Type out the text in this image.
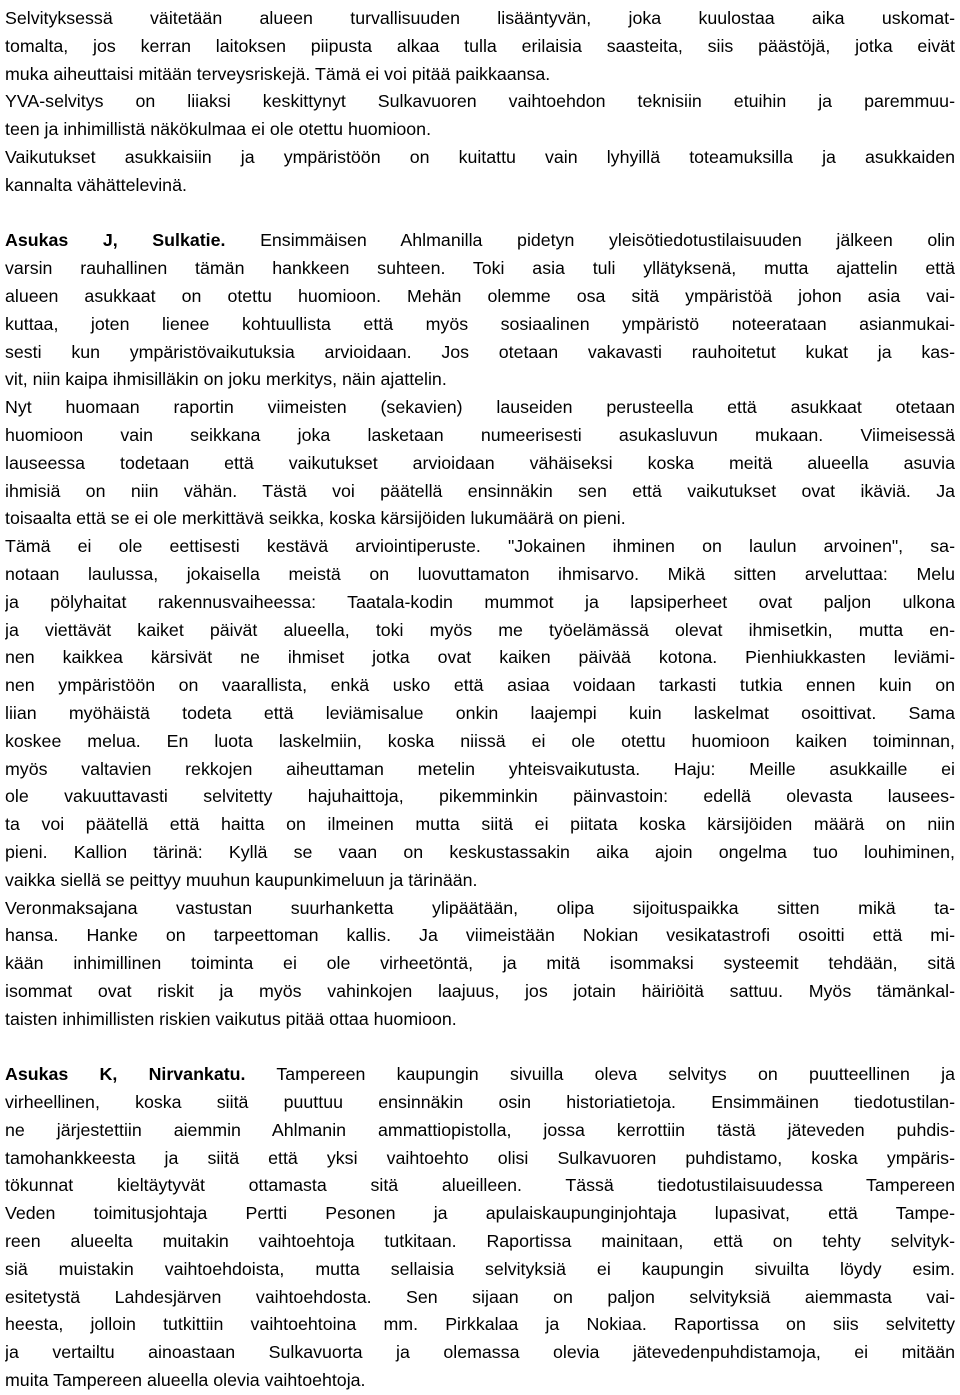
Selvityksessä väitetään alueen turvallisuuden lisääntyvän, joka kuulostaa aika uskomat-
tomalta, jos kerran laitoksen piipusta alkaa tulla erilaisia saasteita, siis päästöjä, jotka eivät
muka aiheuttaisi mitään terveysriskejä. Tämä ei voi pitää paikkaansa.
YVA-selvitys on liiaksi keskittynyt Sulkavuoren vaihtoehdon teknisiin etuihin ja paremmuu-
teen ja inhimillistä näkökulmaa ei ole otettu huomioon.
Vaikutukset asukkaisiin ja ympäristöön on kuitattu vain lyhyillä toteamuksilla ja asukkaiden
kannalta vähättelevinä.
Asukas J, Sulkatie. Ensimmäisen Ahlmanilla pidetyn yleisötiedotustilaisuuden jälkeen olin
varsin rauhallinen tämän hankkeen suhteen. Toki asia tuli yllätyksenä, mutta ajattelin että
alueen asukkaat on otettu huomioon. Mehän olemme osa sitä ympäristöä johon asia vai-
kuttaa, joten lienee kohtuullista että myös sosiaalinen ympäristö noteerataan asianmukai-
sesti kun ympäristövaikutuksia arvioidaan. Jos otetaan vakavasti rauhoitetut kukat ja kas-
vit, niin kaipa ihmisilläkin on joku merkitys, näin ajattelin.
Nyt huomaan raportin viimeisten (sekavien) lauseiden perusteella että asukkaat otetaan
huomioon vain seikkana joka lasketaan numeerisesti asukasluvun mukaan. Viimeisessä
lauseessa todetaan että vaikutukset arvioidaan vähäiseksi koska meitä alueella asuvia
ihmisiä on niin vähän. Tästä voi päätellä ensinnäkin sen että vaikutukset ovat ikäviä. Ja
toisaalta että se ei ole merkittävä seikka, koska kärsijöiden lukumäärä on pieni.
Tämä ei ole eettisesti kestävä arviointiperuste. "Jokainen ihminen on laulun arvoinen", sa-
notaan laulussa, jokaisella meistä on luovuttamaton ihmisarvo. Mikä sitten arveluttaa: Melu
ja pölyhaitat rakennusvaiheessa: Taatala-kodin mummot ja lapsiperheet ovat paljon ulkona
ja viettävät kaiket päivät alueella, toki myös me työelämässä olevat ihmisetkin, mutta en-
nen kaikkea kärsivät ne ihmiset jotka ovat kaiken päivää kotona. Pienhiukkasten leviämi-
nen ympäristöön on vaarallista, enkä usko että asiaa voidaan tarkasti tutkia ennen kuin on
liian myöhäistä todeta että leviämisalue onkin laajempi kuin laskelmat osoittivat. Sama
koskee melua. En luota laskelmiin, koska niissä ei ole otettu huomioon kaiken toiminnan,
myös valtavien rekkojen aiheuttaman metelin yhteisvaikutusta. Haju: Meille asukkaille ei
ole vakuuttavasti selvitetty hajuhaittoja, pikemminkin päinvastoin: edellä olevasta lausees-
ta voi päätellä että haitta on ilmeinen mutta siitä ei piitata koska kärsijöiden määrä on niin
pieni. Kallion tärinä: Kyllä se vaan on keskustassakin aika ajoin ongelma tuo louhiminen,
vaikka siellä se peittyy muuhun kaupunkimeluun ja tärinään.
Veronmaksajana vastustan suurhanketta ylipäätään, olipa sijoituspaikka sitten mikä ta-
hansa. Hanke on tarpeettoman kallis. Ja viimeistään Nokian vesikatastrofi osoitti että mi-
kään inhimillinen toiminta ei ole virheetöntä, ja mitä isommaksi systeemit tehdään, sitä
isommat ovat riskit ja myös vahinkojen laajuus, jos jotain häiriöitä sattuu. Myös tämänkal-
taisten inhimillisten riskien vaikutus pitää ottaa huomioon.
Asukas K, Nirvankatu. Tampereen kaupungin sivuilla oleva selvitys on puutteellinen ja
virheellinen, koska siitä puuttuu ensinnäkin osin historiatietoja. Ensimmäinen tiedotustilan-
ne järjestettiin aiemmin Ahlmanin ammattiopistolla, jossa kerrottiin tästä jäteveden puhdis-
tamohankkeesta ja siitä että yksi vaihtoehto olisi Sulkavuoren puhdistamo, koska ympäris-
tökunnat kieltäytyvät ottamasta sitä alueilleen. Tässä tiedotustilaisuudessa Tampereen
Veden toimitusjohtaja Pertti Pesonen ja apulaiskaupunginjohtaja lupasivat, että Tampe-
reen alueelta muitakin vaihtoehtoja tutkitaan. Raportissa mainitaan, että on tehty selvityk-
siä muistakin vaihtoehdoista, mutta sellaisia selvityksiä ei kaupungin sivuilta löydy esim.
esitetystä Lahdesjärven vaihtoehdosta. Sen sijaan on paljon selvityksiä aiemmasta vai-
heesta, jolloin tutkittiin vaihtoehtoina mm. Pirkkalaa ja Nokiaa. Raportissa on siis selvitetty
ja vertailtu ainoastaan Sulkavuorta ja olemassa olevia jätevedenpuhdistamoja, ei mitään
muita Tampereen alueella olevia vaihtoehtoja.
